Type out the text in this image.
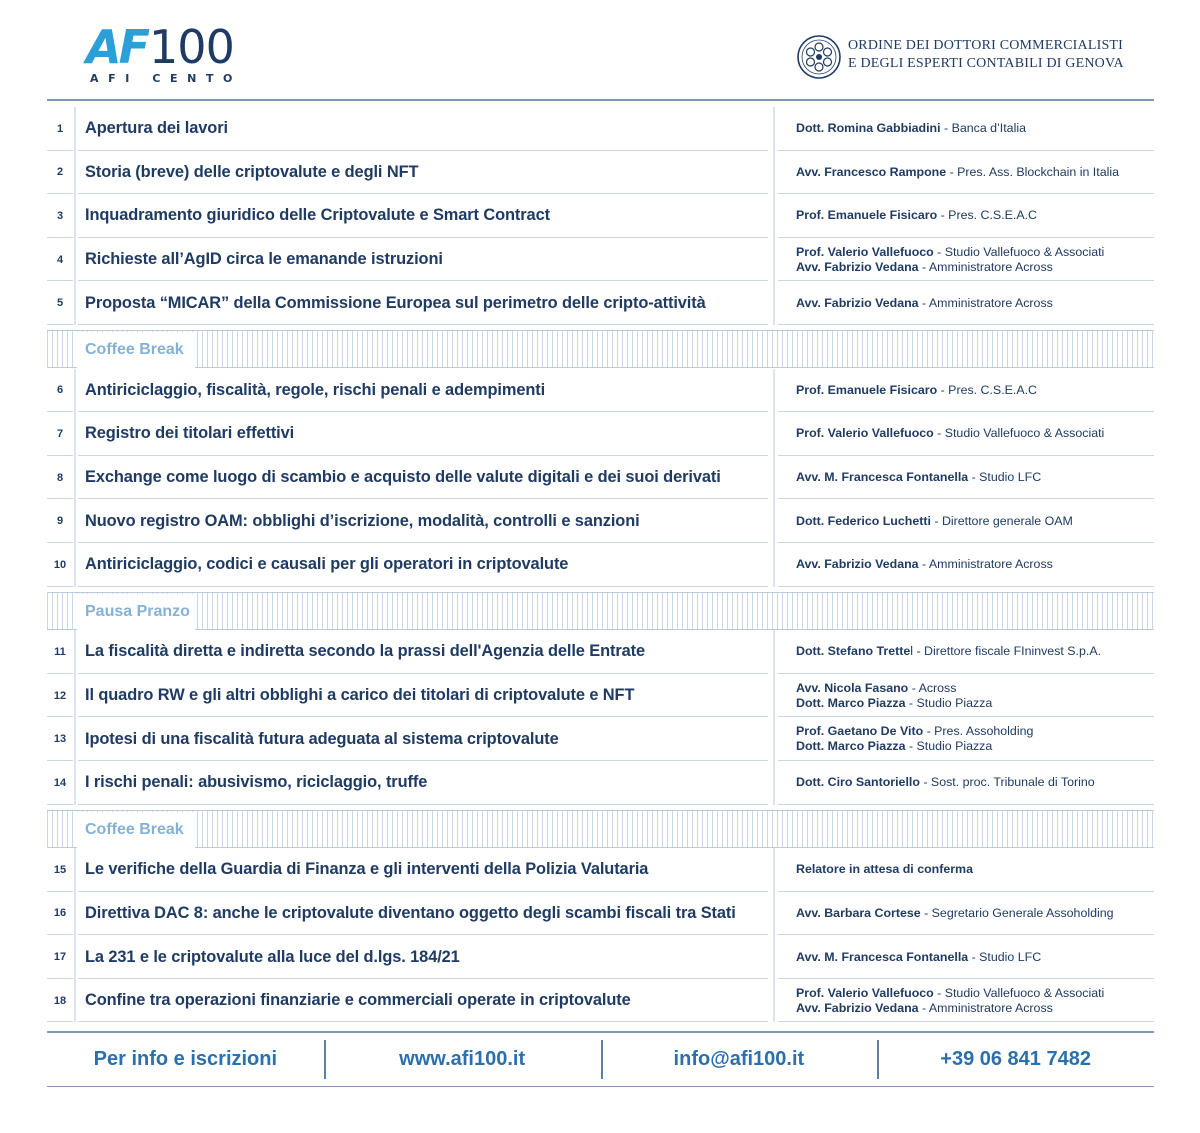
AF 100
AFI CENTO
ORDINE DEI DOTTORI COMMERCIALISTI
E DEGLI ESPERTI CONTABILI DI GENOVA
1	Apertura dei lavori	Dott. Romina Gabbiadini - Banca d’Italia
2	Storia (breve) delle criptovalute e degli NFT	Avv. Francesco Rampone - Pres. Ass. Blockchain in Italia
3	Inquadramento giuridico delle Criptovalute e Smart Contract	Prof. Emanuele Fisicaro - Pres. C.S.E.A.C
4	Richieste all’AgID circa le emanande istruzioni	Prof. Valerio Vallefuoco - Studio Vallefuoco & Associati
Avv. Fabrizio Vedana - Amministratore Across
5	Proposta “MICAR” della Commissione Europea sul perimetro delle cripto-attività	Avv. Fabrizio Vedana - Amministratore Across
Coffee Break
6	Antiriciclaggio, fiscalità, regole, rischi penali e adempimenti	Prof. Emanuele Fisicaro - Pres. C.S.E.A.C
7	Registro dei titolari effettivi	Prof. Valerio Vallefuoco - Studio Vallefuoco & Associati
8	Exchange come luogo di scambio e acquisto delle valute digitali e dei suoi derivati	Avv. M. Francesca Fontanella - Studio LFC
9	Nuovo registro OAM: obblighi d’iscrizione, modalità, controlli e sanzioni	Dott. Federico Luchetti - Direttore generale OAM
10	Antiriciclaggio, codici e causali per gli operatori in criptovalute	Avv. Fabrizio Vedana - Amministratore Across
Pausa Pranzo
11	La fiscalità diretta e indiretta secondo la prassi dell'Agenzia delle Entrate	Dott. Stefano Trettel - Direttore fiscale FIninvest S.p.A.
12	Il quadro RW e gli altri obblighi a carico dei titolari di criptovalute e NFT	Avv. Nicola Fasano - Across
Dott. Marco Piazza - Studio Piazza
13	Ipotesi di una fiscalità futura adeguata al sistema criptovalute	Prof. Gaetano De Vito - Pres. Assoholding
Dott. Marco Piazza - Studio Piazza
14	I rischi penali: abusivismo, riciclaggio, truffe	Dott. Ciro Santoriello - Sost. proc. Tribunale di Torino
Coffee Break
15	Le verifiche della Guardia di Finanza e gli interventi della Polizia Valutaria	Relatore in attesa di conferma
16	Direttiva DAC 8: anche le criptovalute diventano oggetto degli scambi fiscali tra Stati	Avv. Barbara Cortese - Segretario Generale Assoholding
17	La 231 e le criptovalute alla luce del d.lgs. 184/21	Avv. M. Francesca Fontanella - Studio LFC
18	Confine tra operazioni finanziarie e commerciali operate in criptovalute	Prof. Valerio Vallefuoco - Studio Vallefuoco & Associati
Avv. Fabrizio Vedana - Amministratore Across
Per info e iscrizioni	www.afi100.it	info@afi100.it	+39 06 841 7482
